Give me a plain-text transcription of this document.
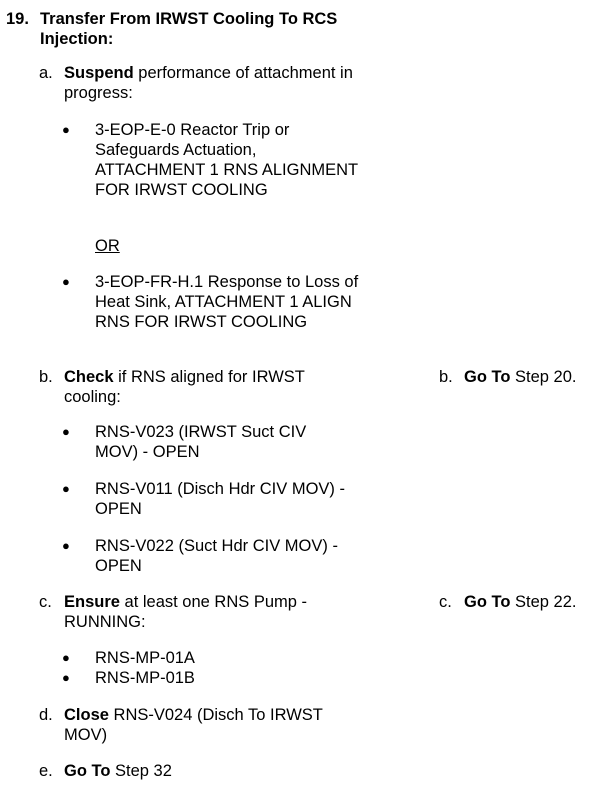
19. Transfer From IRWST Cooling To RCS Injection:
a. Suspend performance of attachment in progress:
● 3-EOP-E-0 Reactor Trip or Safeguards Actuation, ATTACHMENT 1 RNS ALIGNMENT FOR IRWST COOLING
OR
● 3-EOP-FR-H.1 Response to Loss of Heat Sink, ATTACHMENT 1 ALIGN RNS FOR IRWST COOLING
b. Check if RNS aligned for IRWST cooling:
b. Go To Step 20.
● RNS-V023 (IRWST Suct CIV MOV) - OPEN
● RNS-V011 (Disch Hdr CIV MOV) - OPEN
● RNS-V022 (Suct Hdr CIV MOV) - OPEN
c. Ensure at least one RNS Pump - RUNNING:
c. Go To Step 22.
● RNS-MP-01A
● RNS-MP-01B
d. Close RNS-V024 (Disch To IRWST MOV)
e. Go To Step 32
